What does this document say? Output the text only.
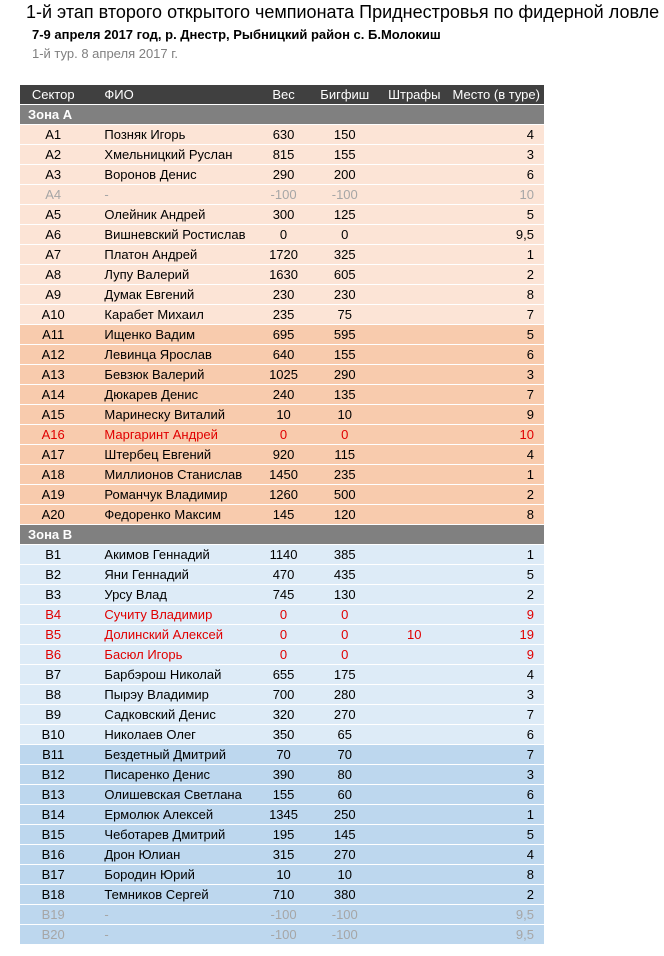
1-й этап второго открытого чемпионата Приднестровья по фидерной ловле
7-9 апреля 2017 год, р. Днестр, Рыбницкий район с. Б.Молокиш
1-й тур. 8 апреля 2017 г.
Сектор	ФИО	Вес	Бигфиш	Штрафы	Место (в туре)
Зона A					
A1	Позняк Игорь	630	150		4
A2	Хмельницкий Руслан	815	155		3
A3	Воронов Денис	290	200		6
A4	-	-100	-100		10
A5	Олейник Андрей	300	125		5
A6	Вишневский Ростислав	0	0		9,5
A7	Платон Андрей	1720	325		1
A8	Лупу Валерий	1630	605		2
A9	Думак Евгений	230	230		8
A10	Карабет Михаил	235	75		7
A11	Ищенко Вадим	695	595		5
A12	Левинца Ярослав	640	155		6
A13	Бевзюк Валерий	1025	290		3
A14	Дюкарев Денис	240	135		7
A15	Маринеску Виталий	10	10		9
A16	Маргаринт Андрей	0	0		10
A17	Штербец Евгений	920	115		4
A18	Миллионов Станислав	1450	235		1
A19	Романчук Владимир	1260	500		2
A20	Федоренко Максим	145	120		8
Зона B					
B1	Акимов Геннадий	1140	385		1
B2	Яни Геннадий	470	435		5
B3	Урсу Влад	745	130		2
B4	Сучиту Владимир	0	0		9
B5	Долинский Алексей	0	0	10	19
B6	Басюл Игорь	0	0		9
B7	Барбэрош Николай	655	175		4
B8	Пырэу Владимир	700	280		3
B9	Садковский Денис	320	270		7
B10	Николаев Олег	350	65		6
B11	Бездетный Дмитрий	70	70		7
B12	Писаренко Денис	390	80		3
B13	Олишевская Светлана	155	60		6
B14	Ермолюк Алексей	1345	250		1
B15	Чеботарев Дмитрий	195	145		5
B16	Дрон Юлиан	315	270		4
B17	Бородин Юрий	10	10		8
B18	Темников Сергей	710	380		2
B19	-	-100	-100		9,5
B20	-	-100	-100		9,5
